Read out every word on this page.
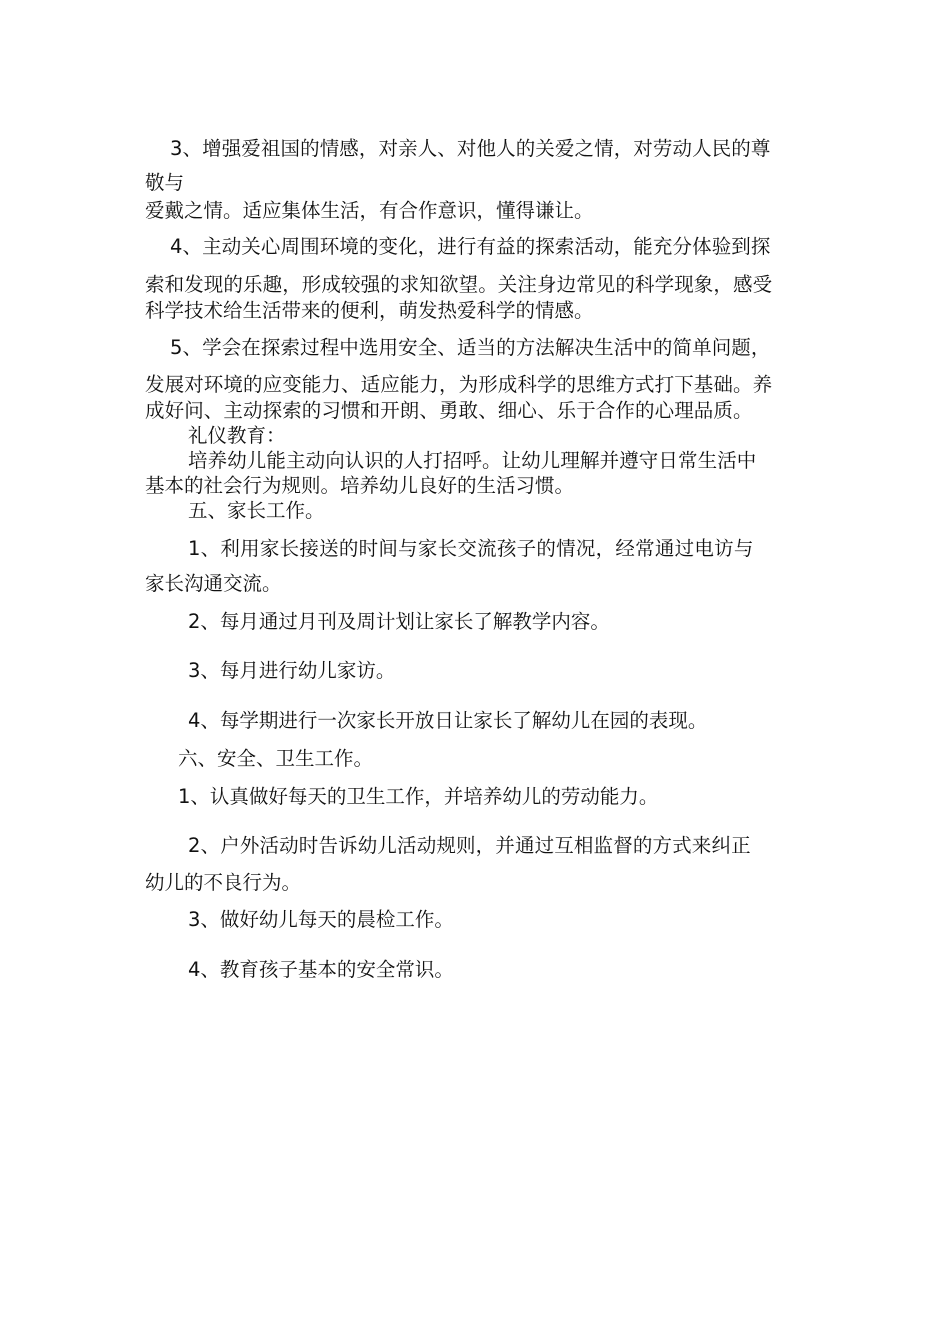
3、增强爱祖国的情感，对亲人、对他人的关爱之情，对劳动人民的尊

敬与

爱戴之情。适应集体生活，有合作意识，懂得谦让。

4、主动关心周围环境的变化，进行有益的探索活动，能充分体验到探

索和发现的乐趣，形成较强的求知欲望。关注身边常见的科学现象，感受

科学技术给生活带来的便利，萌发热爱科学的情感。

5、学会在探索过程中选用安全、适当的方法解决生活中的简单问题，

发展对环境的应变能力、适应能力，为形成科学的思维方式打下基础。养

成好问、主动探索的习惯和开朗、勇敢、细心、乐于合作的心理品质。

礼仪教育：

培养幼儿能主动向认识的人打招呼。让幼儿理解并遵守日常生活中

基本的社会行为规则。培养幼儿良好的生活习惯。

五、家长工作。

1、利用家长接送的时间与家长交流孩子的情况，经常通过电访与

家长沟通交流。

2、每月通过月刊及周计划让家长了解教学内容。

3、每月进行幼儿家访。

4、每学期进行一次家长开放日让家长了解幼儿在园的表现。

六、安全、卫生工作。

1、认真做好每天的卫生工作，并培养幼儿的劳动能力。

2、户外活动时告诉幼儿活动规则，并通过互相监督的方式来纠正

幼儿的不良行为。

3、做好幼儿每天的晨检工作。

4、教育孩子基本的安全常识。
